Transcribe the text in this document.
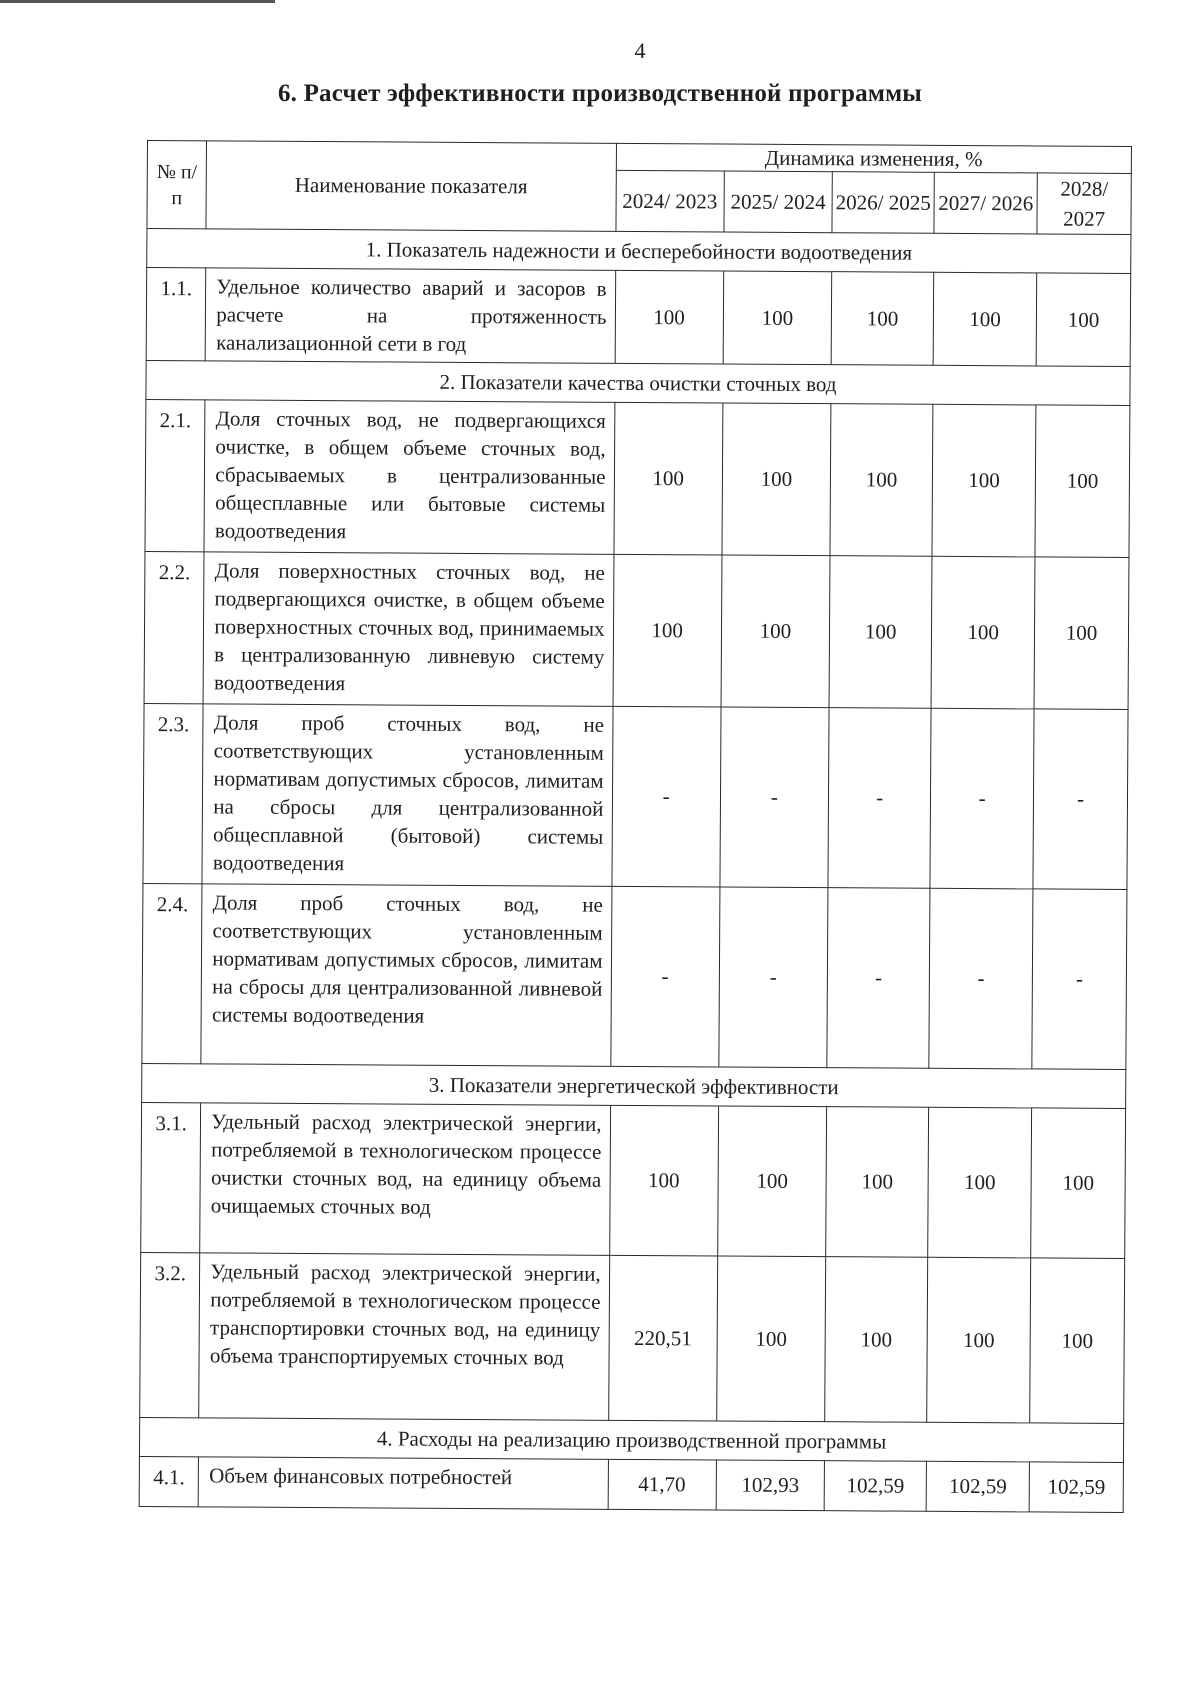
4
6. Расчет эффективности производственной программы
№ п/п	Наименование показателя	Динамика изменения, %				
		2024/ 2023	2025/ 2024	2026/ 2025	2027/ 2026	2028/ 2027
1. Показатель надежности и бесперебойности водоотведения						
1.1.	Удельное количество аварий и засоров в расчете на протяженность канализационной сети в год	100	100	100	100	100
2. Показатели качества очистки сточных вод						
2.1.	Доля сточных вод, не подвергающихся очистке, в общем объеме сточных вод, сбрасываемых в централизованные общесплавные или бытовые системы водоотведения	100	100	100	100	100
2.2.	Доля поверхностных сточных вод, не подвергающихся очистке, в общем объеме поверхностных сточных вод, принимаемых в централизованную ливневую систему водоотведения	100	100	100	100	100
2.3.	Доля проб сточных вод, не соответствующих установленным нормативам допустимых сбросов, лимитам на сбросы для централизованной общесплавной (бытовой) системы водоотведения	-	-	-	-	-
2.4.	Доля проб сточных вод, не соответствующих установленным нормативам допустимых сбросов, лимитам на сбросы для централизованной ливневой системы водоотведения	-	-	-	-	-
3. Показатели энергетической эффективности						
3.1.	Удельный расход электрической энергии, потребляемой в технологическом процессе очистки сточных вод, на единицу объема очищаемых сточных вод	100	100	100	100	100
3.2.	Удельный расход электрической энергии, потребляемой в технологическом процессе транспортировки сточных вод, на единицу объема транспортируемых сточных вод	220,51	100	100	100	100
4. Расходы на реализацию производственной программы						
4.1.	Объем финансовых потребностей	41,70	102,93	102,59	102,59	102,59
